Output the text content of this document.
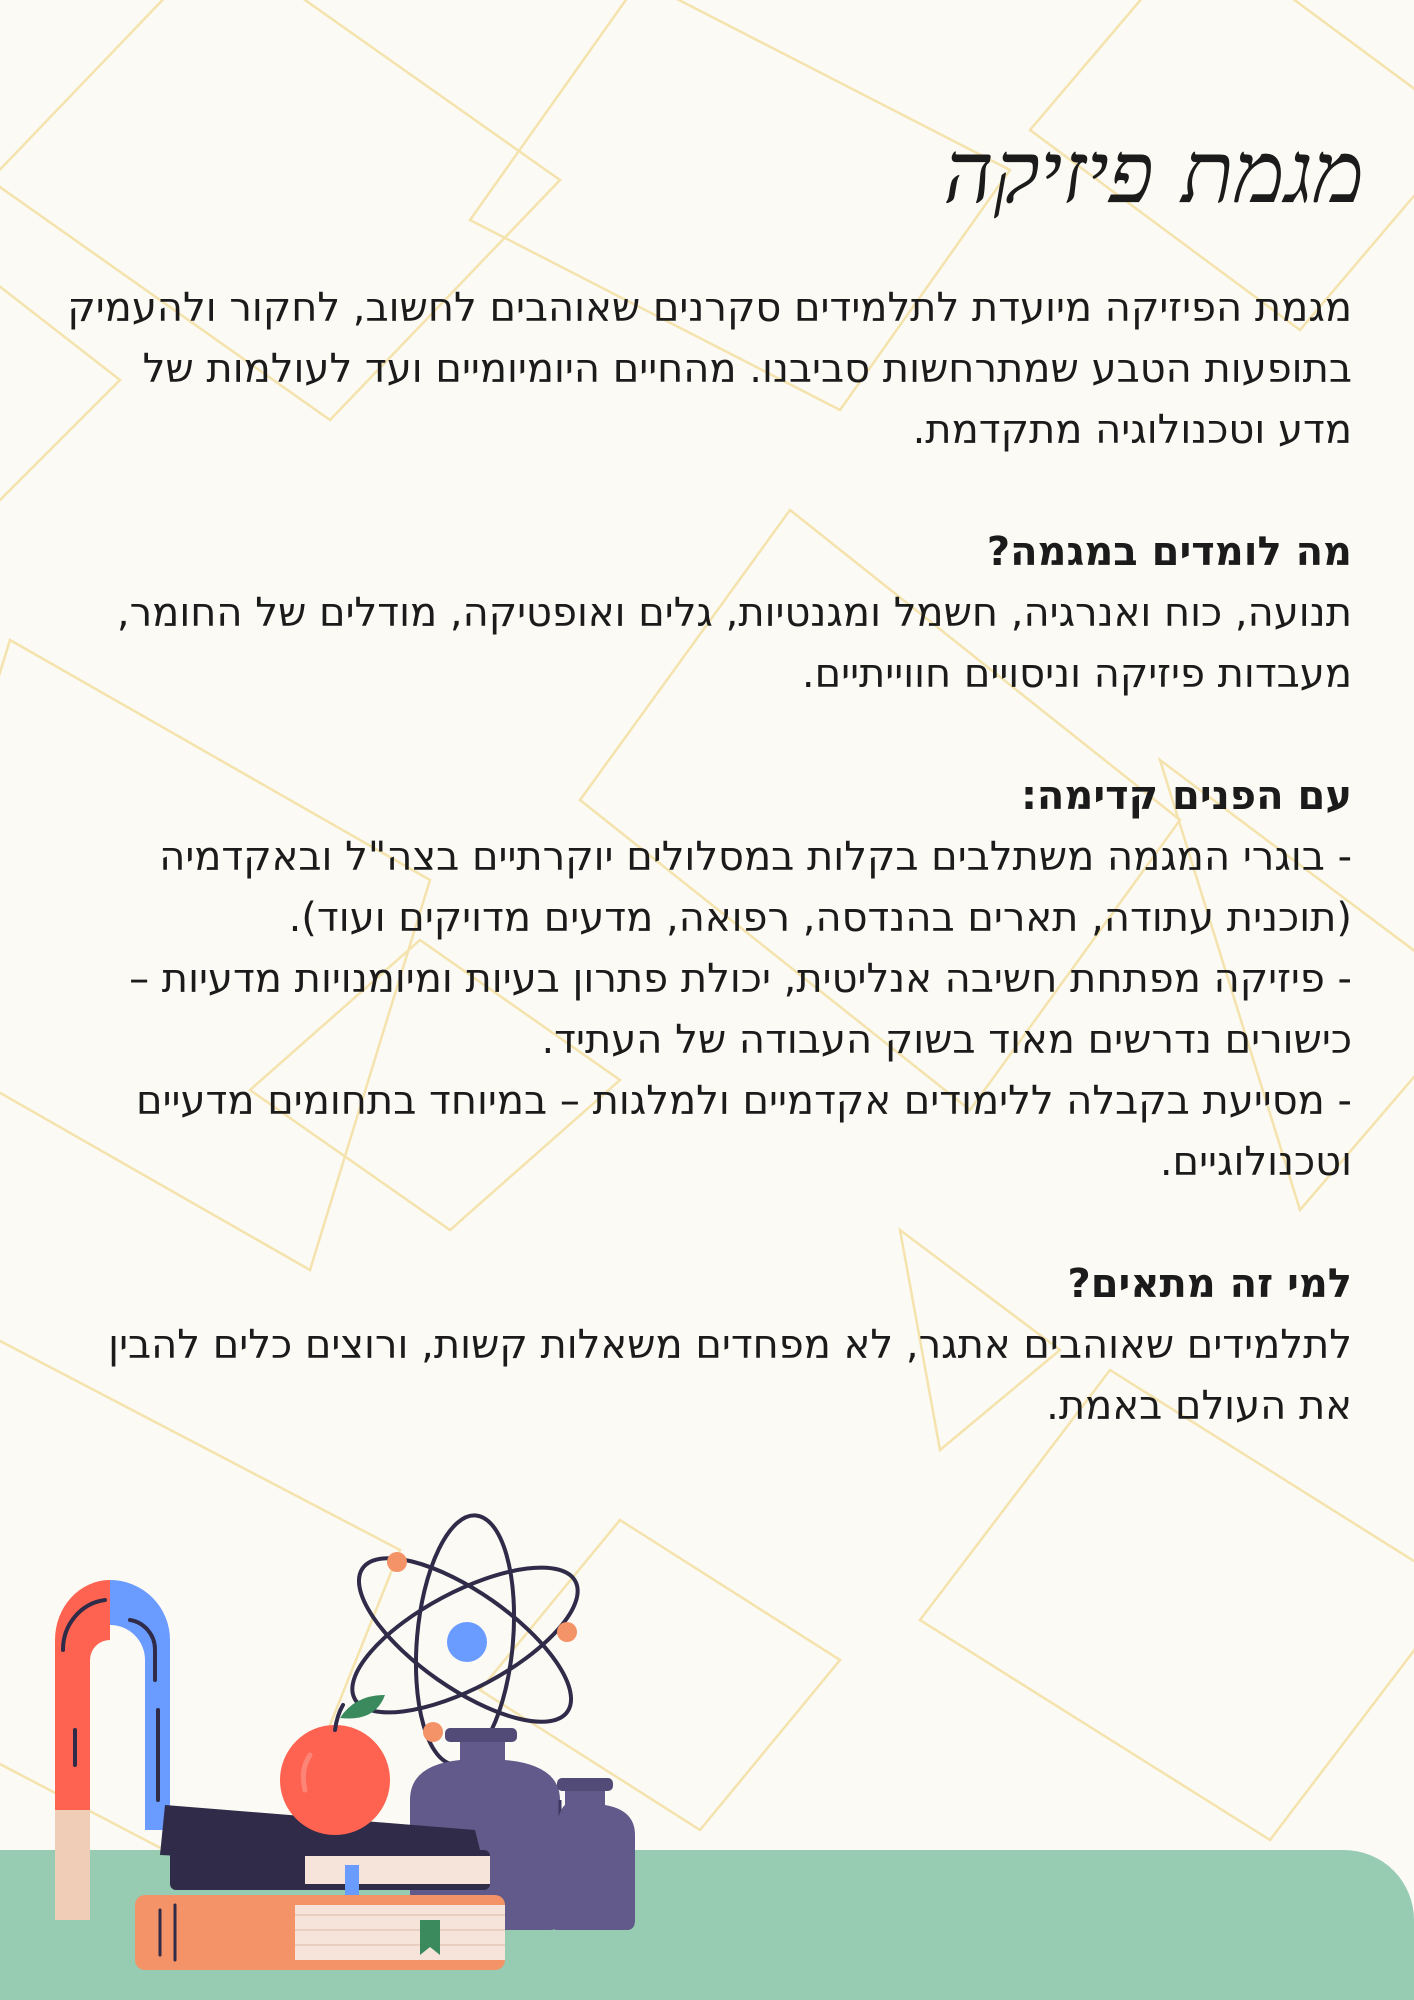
מגמת פיזיקה

מגמת הפיזיקה מיועדת לתלמידים סקרנים שאוהבים לחשוב, לחקור ולהעמיק בתופעות הטבע שמתרחשות סביבנו. מהחיים היומיומיים ועד לעולמות של מדע וטכנולוגיה מתקדמת.

מה לומדים במגמה?

תנועה, כוח ואנרגיה, חשמל ומגנטיות, גלים ואופטיקה, מודלים של החומר, מעבדות פיזיקה וניסויים חווייתיים.

עם הפנים קדימה:

- בוגרי המגמה משתלבים בקלות במסלולים יוקרתיים בצה"ל ובאקדמיה (תוכנית עתודה, תארים בהנדסה, רפואה, מדעים מדויקים ועוד).

- פיזיקה מפתחת חשיבה אנליטית, יכולת פתרון בעיות ומיומנויות מדעיות – כישורים נדרשים מאוד בשוק העבודה של העתיד.

- מסייעת בקבלה ללימודים אקדמיים ולמלגות – במיוחד בתחומים מדעיים וטכנולוגיים.

למי זה מתאים?

לתלמידים שאוהבים אתגר, לא מפחדים משאלות קשות, ורוצים כלים להבין את העולם באמת.
